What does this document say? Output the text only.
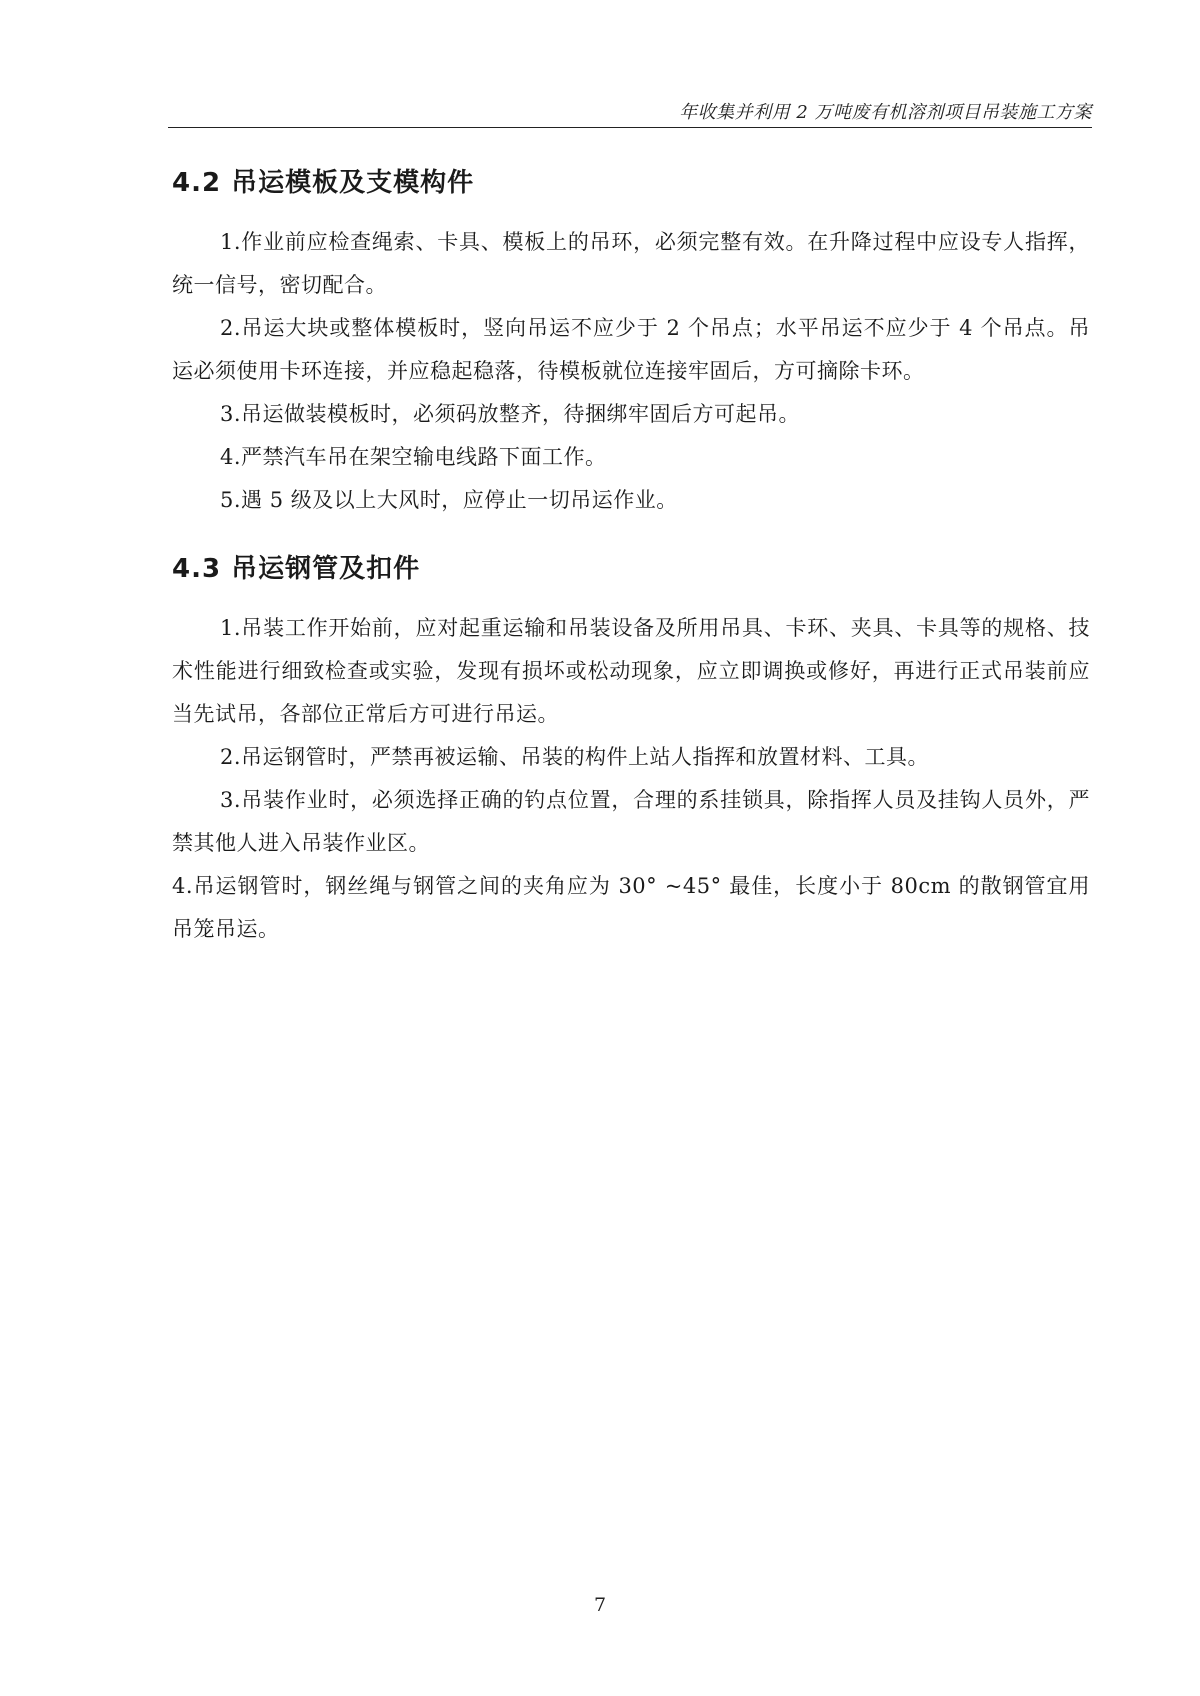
年收集并利用 2 万吨废有机溶剂项目吊装施工方案
4.2 吊运模板及支模构件

1.作业前应检查绳索、卡具、模板上的吊环，必须完整有效。在升降过程中应设专人指挥，统一信号，密切配合。

2.吊运大块或整体模板时，竖向吊运不应少于 2 个吊点；水平吊运不应少于 4 个吊点。吊运必须使用卡环连接，并应稳起稳落，待模板就位连接牢固后，方可摘除卡环。

3.吊运做装模板时，必须码放整齐，待捆绑牢固后方可起吊。

4.严禁汽车吊在架空输电线路下面工作。

5.遇 5 级及以上大风时，应停止一切吊运作业。

4.3 吊运钢管及扣件

1.吊装工作开始前，应对起重运输和吊装设备及所用吊具、卡环、夹具、卡具等的规格、技术性能进行细致检查或实验，发现有损坏或松动现象，应立即调换或修好，再进行正式吊装前应当先试吊，各部位正常后方可进行吊运。

2.吊运钢管时，严禁再被运输、吊装的构件上站人指挥和放置材料、工具。

3.吊装作业时，必须选择正确的钓点位置，合理的系挂锁具，除指挥人员及挂钩人员外，严禁其他人进入吊装作业区。

4.吊运钢管时，钢丝绳与钢管之间的夹角应为 30° ~45° 最佳，长度小于 80cm 的散钢管宜用吊笼吊运。

7
